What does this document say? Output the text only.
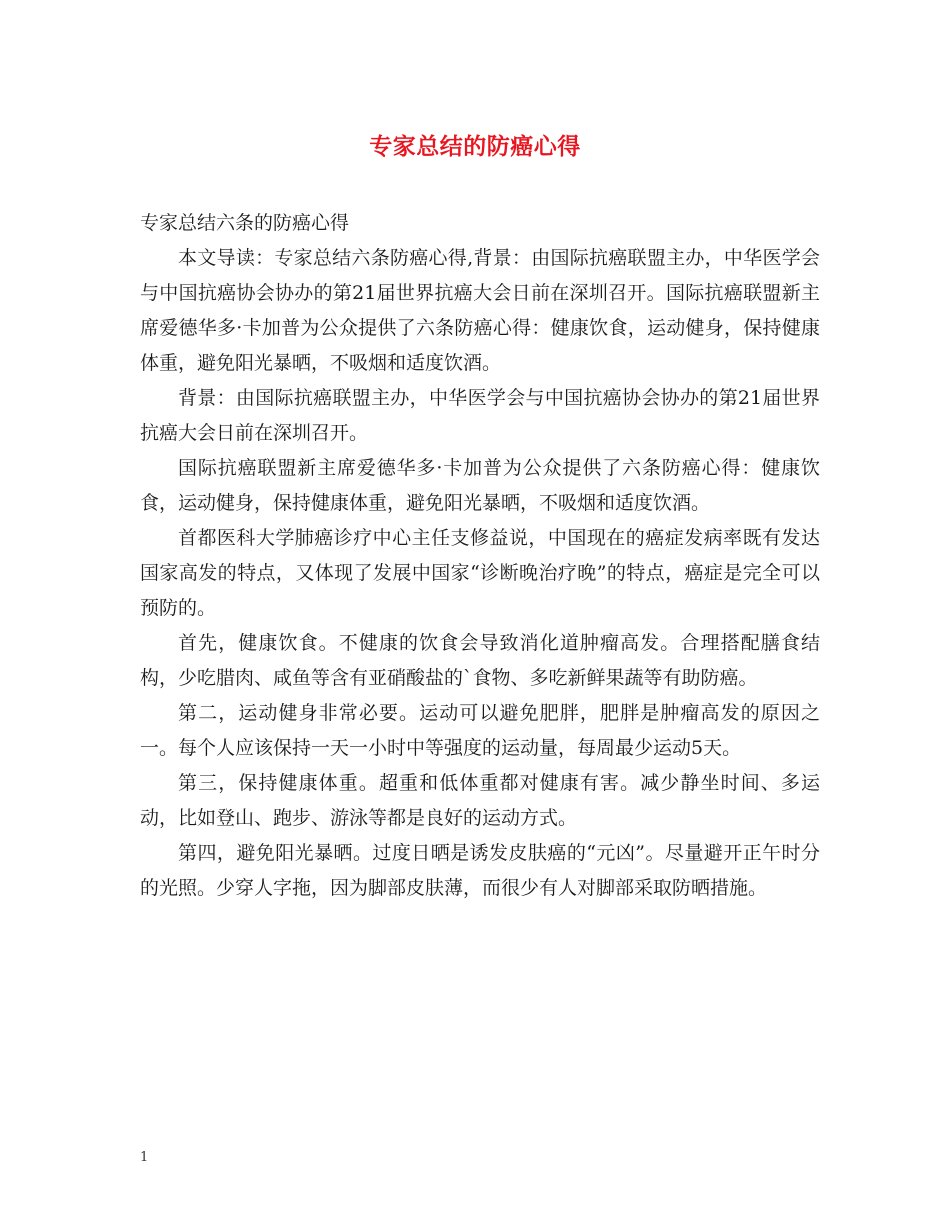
专家总结的防癌心得

专家总结六条的防癌心得

本文导读：专家总结六条防癌心得,背景：由国际抗癌联盟主办，中华医学会与中国抗癌协会协办的第21届世界抗癌大会日前在深圳召开。国际抗癌联盟新主席爱德华多·卡加普为公众提供了六条防癌心得：健康饮食，运动健身，保持健康体重，避免阳光暴晒，不吸烟和适度饮酒。

背景：由国际抗癌联盟主办，中华医学会与中国抗癌协会协办的第21届世界抗癌大会日前在深圳召开。

国际抗癌联盟新主席爱德华多·卡加普为公众提供了六条防癌心得：健康饮食，运动健身，保持健康体重，避免阳光暴晒，不吸烟和适度饮酒。

首都医科大学肺癌诊疗中心主任支修益说，中国现在的癌症发病率既有发达国家高发的特点，又体现了发展中国家“诊断晚治疗晚”的特点，癌症是完全可以预防的。

首先，健康饮食。不健康的饮食会导致消化道肿瘤高发。合理搭配膳食结构，少吃腊肉、咸鱼等含有亚硝酸盐的`食物、多吃新鲜果蔬等有助防癌。

第二，运动健身非常必要。运动可以避免肥胖，肥胖是肿瘤高发的原因之一。每个人应该保持一天一小时中等强度的运动量，每周最少运动5天。

第三，保持健康体重。超重和低体重都对健康有害。减少静坐时间、多运动，比如登山、跑步、游泳等都是良好的运动方式。

第四，避免阳光暴晒。过度日晒是诱发皮肤癌的“元凶”。尽量避开正午时分的光照。少穿人字拖，因为脚部皮肤薄，而很少有人对脚部采取防晒措施。

1
